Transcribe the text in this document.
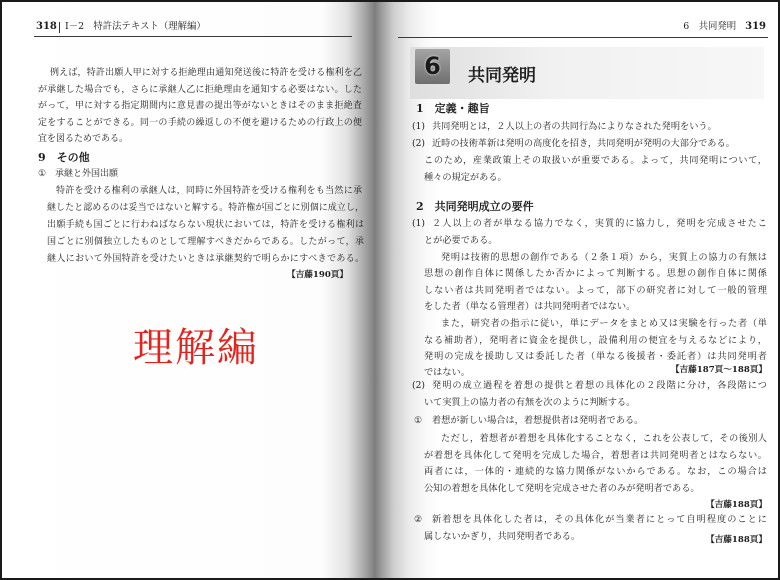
318 Ⅰ－2　特許法テキスト（理解編）
例えば，特許出願人甲に対する拒絶理由通知発送後に特許を受ける権利を乙
が承継した場合でも，さらに承継人乙に拒絶理由を通知する必要はない。した
がって，甲に対する指定期間内に意見書の提出等がないときはそのまま拒絶査
定をすることができる。同一の手続の繰返しの不便を避けるための行政上の便
宜を図るためである。
9　その他
① 承継と外国出願
特許を受ける権利の承継人は，同時に外国特許を受ける権利をも当然に承
継したと認めるのは妥当ではないと解する。特許権が国ごとに別個に成立し，
出願手続も国ごとに行わねばならない現状においては，特許を受ける権利は
国ごとに別個独立したものとして理解すべきだからである。したがって，承
継人において外国特許を受けたいときは承継契約で明らかにすべきである。
【吉藤190頁】
理解編
6　共同発明 319
6	共同発明
1　定義・趣旨
(1) 共同発明とは，２人以上の者の共同行為によりなされた発明をいう。
(2) 近時の技術革新は発明の高度化を招き，共同発明が発明の大部分である。
このため，産業政策上その取扱いが重要である。よって，共同発明について，
種々の規定がある。
2　共同発明成立の要件
(1) ２人以上の者が単なる協力でなく，実質的に協力し，発明を完成させたこ
とが必要である。
発明は技術的思想の創作である（２条１項）から，実質上の協力の有無は
思想の創作自体に関係したか否かによって判断する。思想の創作自体に関係
しない者は共同発明者ではない。よって，部下の研究者に対して一般的管理
をした者（単なる管理者）は共同発明者ではない。
また，研究者の指示に従い，単にデータをまとめ又は実験を行った者（単
なる補助者），発明者に資金を提供し，設備利用の便宜を与えるなどにより，
発明の完成を援助し又は委託した者（単なる後援者・委託者）は共同発明者
ではない。	【吉藤187頁～188頁】
(2) 発明の成立過程を着想の提供と着想の具体化の２段階に分け，各段階につ
いて実質上の協力者の有無を次のように判断する。
① 着想が新しい場合は，着想提供者は発明者である。
ただし，着想者が着想を具体化することなく，これを公表して，その後別人
が着想を具体化して発明を完成した場合，着想者は共同発明者とはならない。
両者には，一体的・連続的な協力関係がないからである。なお，この場合は
公知の着想を具体化して発明を完成させた者のみが発明者である。
【吉藤188頁】
② 新着想を具体化した者は，その具体化が当業者にとって自明程度のことに
属しないかぎり，共同発明者である。	【吉藤188頁】
